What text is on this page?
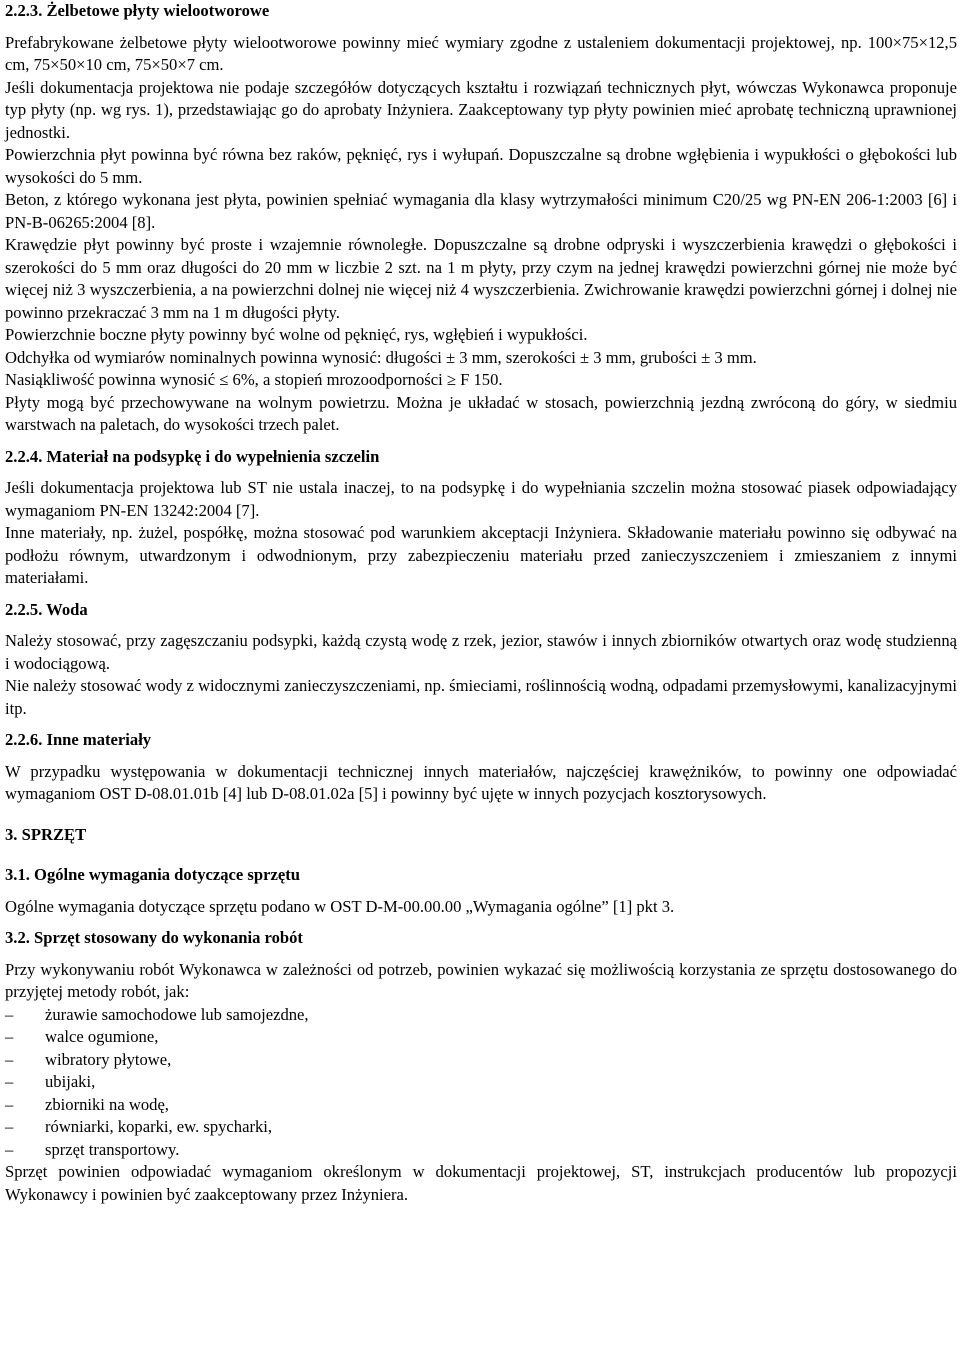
2.2.3. Żelbetowe płyty wielootworowe

Prefabrykowane żelbetowe płyty wielootworowe powinny mieć wymiary zgodne z ustaleniem dokumentacji projektowej, np. 100×75×12,5 cm, 75×50×10 cm, 75×50×7 cm.

Jeśli dokumentacja projektowa nie podaje szczegółów dotyczących kształtu i rozwiązań technicznych płyt, wówczas Wykonawca proponuje typ płyty (np. wg rys. 1), przedstawiając go do aprobaty Inżyniera. Zaakceptowany typ płyty powinien mieć aprobatę techniczną uprawnionej jednostki.

Powierzchnia płyt powinna być równa bez raków, pęknięć, rys i wyłupań. Dopuszczalne są drobne wgłębienia i wypukłości o głębokości lub wysokości do 5 mm.

Beton, z którego wykonana jest płyta, powinien spełniać wymagania dla klasy wytrzymałości minimum C20/25 wg PN-EN 206-1:2003 [6] i PN-B-06265:2004 [8].

Krawędzie płyt powinny być proste i wzajemnie równoległe. Dopuszczalne są drobne odpryski i wyszczerbienia krawędzi o głębokości i szerokości do 5 mm oraz długości do 20 mm w liczbie 2 szt. na 1 m płyty, przy czym na jednej krawędzi powierzchni górnej nie może być więcej niż 3 wyszczerbienia, a na powierzchni dolnej nie więcej niż 4 wyszczerbienia. Zwichrowanie krawędzi powierzchni górnej i dolnej nie powinno przekraczać 3 mm na 1 m długości płyty.

Powierzchnie boczne płyty powinny być wolne od pęknięć, rys, wgłębień i wypukłości.

Odchyłka od wymiarów nominalnych powinna wynosić: długości ± 3 mm, szerokości ± 3 mm, grubości ± 3 mm.

Nasiąkliwość powinna wynosić ≤ 6%, a stopień mrozoodporności ≥ F 150.

Płyty mogą być przechowywane na wolnym powietrzu. Można je układać w stosach, powierzchnią jezdną zwróconą do góry, w siedmiu warstwach na paletach, do wysokości trzech palet.

2.2.4. Materiał na podsypkę i do wypełnienia szczelin

Jeśli dokumentacja projektowa lub ST nie ustala inaczej, to na podsypkę i do wypełniania szczelin można stosować piasek odpowiadający wymaganiom PN-EN 13242:2004 [7].

Inne materiały, np. żużel, pospółkę, można stosować pod warunkiem akceptacji Inżyniera. Składowanie materiału powinno się odbywać na podłożu równym, utwardzonym i odwodnionym, przy zabezpieczeniu materiału przed zanieczyszczeniem i zmieszaniem z innymi materiałami.

2.2.5. Woda

Należy stosować, przy zagęszczaniu podsypki, każdą czystą wodę z rzek, jezior, stawów i innych zbiorników otwartych oraz wodę studzienną i wodociągową.

Nie należy stosować wody z widocznymi zanieczyszczeniami, np. śmieciami, roślinnością wodną, odpadami przemysłowymi, kanalizacyjnymi itp.

2.2.6. Inne materiały

W przypadku występowania w dokumentacji technicznej innych materiałów, najczęściej krawężników, to powinny one odpowiadać wymaganiom OST D-08.01.01b [4] lub D-08.01.02a [5] i powinny być ujęte w innych pozycjach kosztorysowych.

3. SPRZĘT

3.1. Ogólne wymagania dotyczące sprzętu

Ogólne wymagania dotyczące sprzętu podano w OST D-M-00.00.00 „Wymagania ogólne” [1] pkt 3.

3.2. Sprzęt stosowany do wykonania robót

Przy wykonywaniu robót Wykonawca w zależności od potrzeb, powinien wykazać się możliwością korzystania ze sprzętu dostosowanego do przyjętej metody robót, jak:

–	żurawie samochodowe lub samojezdne,
–	walce ogumione,
–	wibratory płytowe,
–	ubijaki,
–	zbiorniki na wodę,
–	równiarki, koparki, ew. spycharki,
–	sprzęt transportowy.

Sprzęt powinien odpowiadać wymaganiom określonym w dokumentacji projektowej, ST, instrukcjach producentów lub propozycji Wykonawcy i powinien być zaakceptowany przez Inżyniera.
